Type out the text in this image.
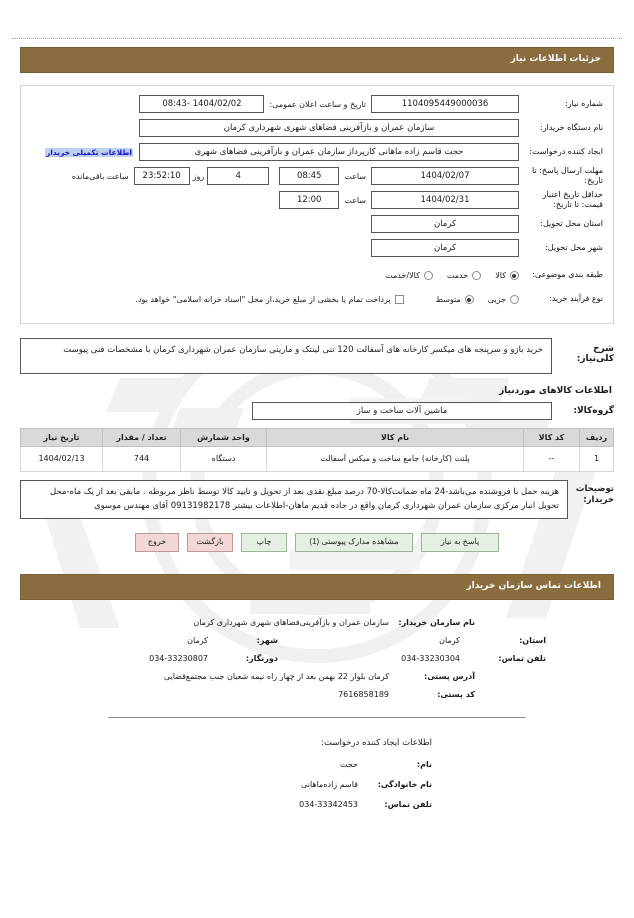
جزئیات اطلاعات نیاز
شماره نیاز:
1104095449000036
تاریخ و ساعت اعلان عمومی:
1404/02/02 -08:43
نام دستگاه خریدار:
سازمان عمران و بازآفرینی فضاهای شهری شهرداری کرمان
ایجاد کننده درخواست:
حجت قاسم زاده ماهانی کارپرداز سازمان عمران و بازآفرینی فضاهای شهری
اطلاعات تکمیلی خریدار
مهلت ارسال پاسخ: تا تاریخ:
1404/02/07
ساعت
08:45
4
روز
23:52:10
ساعت باقی‌مانده
حداقل تاریخ اعتبار قیمت: تا تاریخ:
1404/02/31
ساعت
12:00
استان محل تحویل:
کرمان
شهر محل تحویل:
کرمان
طبقه بندی موضوعی:
کالا
خدمت
کالا/خدمت
نوع فرآیند خرید:
جزیی
متوسط
پرداخت تمام یا بخشی از مبلغ خرید،از محل "اسناد خزانه اسلامی" خواهد بود.
شرح کلی‌نیاز:
خرید بازو و سرپنجه های میکسر کارخانه های آسفالت 120 تنی لینتک و مارینی سازمان عمران شهرداری کرمان با مشخصات فنی پیوست
اطلاعات کالاهای موردنیاز
گروه‌کالا:
ماشین آلات ساخت و ساز
ردیف	کد کالا	نام کالا	واحد شمارش	تعداد / مقدار	تاریخ نیاز
1	--	پلنت (کارخانه) جامع ساخت و میکس آسفالت	دستگاه	744	1404/02/13
توضیحات خریدار:
هزینه حمل با فروشنده می‌باشد-24 ماه ضمانت‌کالا-70 درصد مبلغ نقدی بعد از تحویل و تایید کالا توسط ناظر مربوطه . مابقی بعد از یک ماه-محل تحویل انبار مرکزی سازمان عمران شهرداری کرمان واقع در جاده قدیم ماهان-اطلاعات بیشتر 09131982178 آقای مهندس موسوی
پاسخ به نیاز
مشاهده مدارک پیوستی (1)
چاپ
بازگشت
خروج
اطلاعات تماس سازمان خریدار
نام سازمان خریدار:
سازمان عمران و بازآفرینی‌فضاهای شهری شهرداری کرمان
استان:
کرمان
شهر:
کرمان
تلفن تماس:
034-33230304
دورنگار:
034-33230807
آدرس پستی:
کرمان بلوار 22 بهمن بعد از چهار راه نیمه شعبان جنب مجتمع‌قضایی
کد پستی:
7616858189
اطلاعات ایجاد کننده درخواست:
نام:
حجت
نام خانوادگی:
قاسم زاده‌ماهانی
تلفن تماس:
034-33342453
